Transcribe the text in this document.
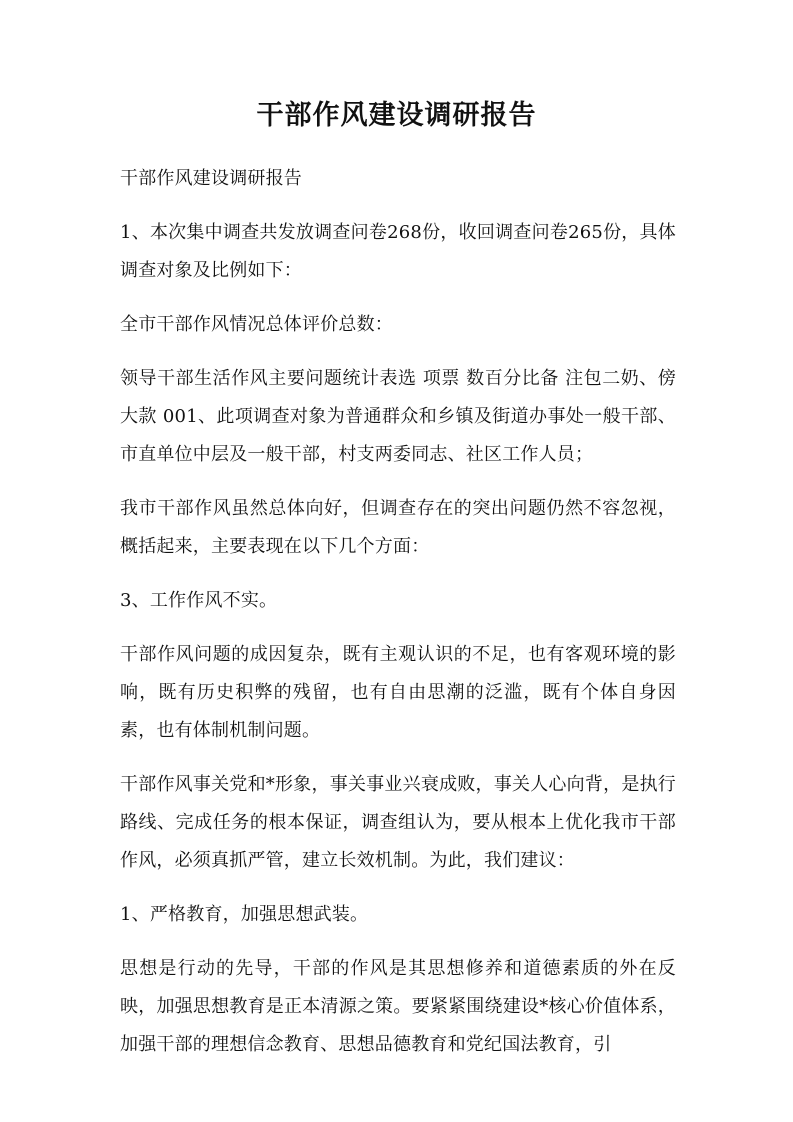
干部作风建设调研报告

干部作风建设调研报告

1、本次集中调查共发放调查问卷268份，收回调查问卷265份，具体调查对象及比例如下：

全市干部作风情况总体评价总数：

领导干部生活作风主要问题统计表选 项票 数百分比备 注包二奶、傍大款 001、此项调查对象为普通群众和乡镇及街道办事处一般干部、市直单位中层及一般干部，村支两委同志、社区工作人员；

我市干部作风虽然总体向好，但调查存在的突出问题仍然不容忽视，概括起来，主要表现在以下几个方面：

3、工作作风不实。

干部作风问题的成因复杂，既有主观认识的不足，也有客观环境的影响，既有历史积弊的残留，也有自由思潮的泛滥，既有个体自身因素，也有体制机制问题。

干部作风事关党和*形象，事关事业兴衰成败，事关人心向背，是执行路线、完成任务的根本保证，调查组认为，要从根本上优化我市干部作风，必须真抓严管，建立长效机制。为此，我们建议：

1、严格教育，加强思想武装。

思想是行动的先导，干部的作风是其思想修养和道德素质的外在反映，加强思想教育是正本清源之策。要紧紧围绕建设*核心价值体系，加强干部的理想信念教育、思想品德教育和党纪国法教育，引
